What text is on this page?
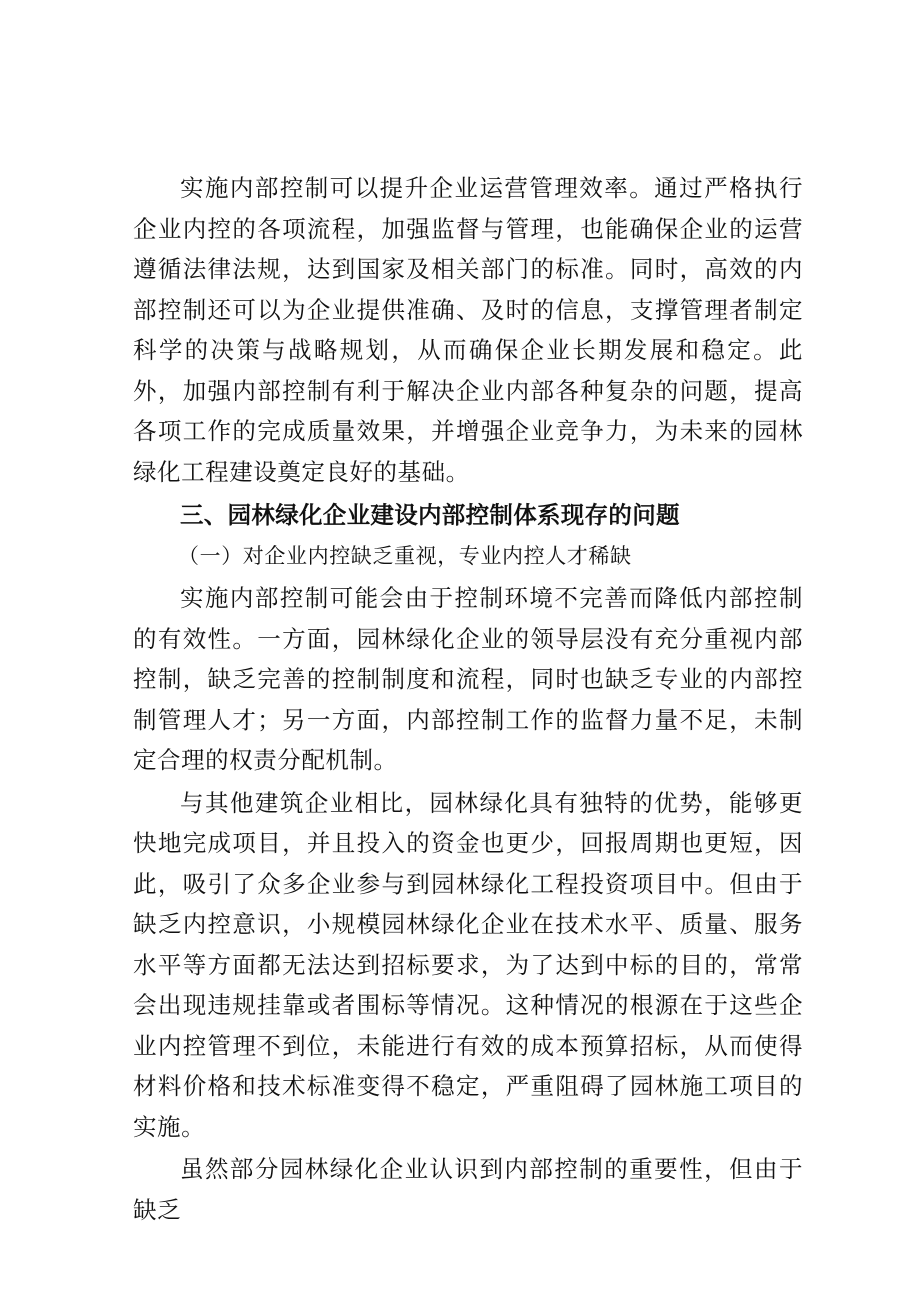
实施内部控制可以提升企业运营管理效率。通过严格执行企业内控的各项流程，加强监督与管理，也能确保企业的运营遵循法律法规，达到国家及相关部门的标准。同时，高效的内部控制还可以为企业提供准确、及时的信息，支撑管理者制定科学的决策与战略规划，从而确保企业长期发展和稳定。此外，加强内部控制有利于解决企业内部各种复杂的问题，提高各项工作的完成质量效果，并增强企业竞争力，为未来的园林绿化工程建设奠定良好的基础。

三、园林绿化企业建设内部控制体系现存的问题

（一）对企业内控缺乏重视，专业内控人才稀缺

实施内部控制可能会由于控制环境不完善而降低内部控制的有效性。一方面，园林绿化企业的领导层没有充分重视内部控制，缺乏完善的控制制度和流程，同时也缺乏专业的内部控制管理人才；另一方面，内部控制工作的监督力量不足，未制定合理的权责分配机制。

与其他建筑企业相比，园林绿化具有独特的优势，能够更快地完成项目，并且投入的资金也更少，回报周期也更短，因此，吸引了众多企业参与到园林绿化工程投资项目中。但由于缺乏内控意识，小规模园林绿化企业在技术水平、质量、服务水平等方面都无法达到招标要求，为了达到中标的目的，常常会出现违规挂靠或者围标等情况。这种情况的根源在于这些企业内控管理不到位，未能进行有效的成本预算招标，从而使得材料价格和技术标准变得不稳定，严重阻碍了园林施工项目的实施。

虽然部分园林绿化企业认识到内部控制的重要性，但由于缺乏
